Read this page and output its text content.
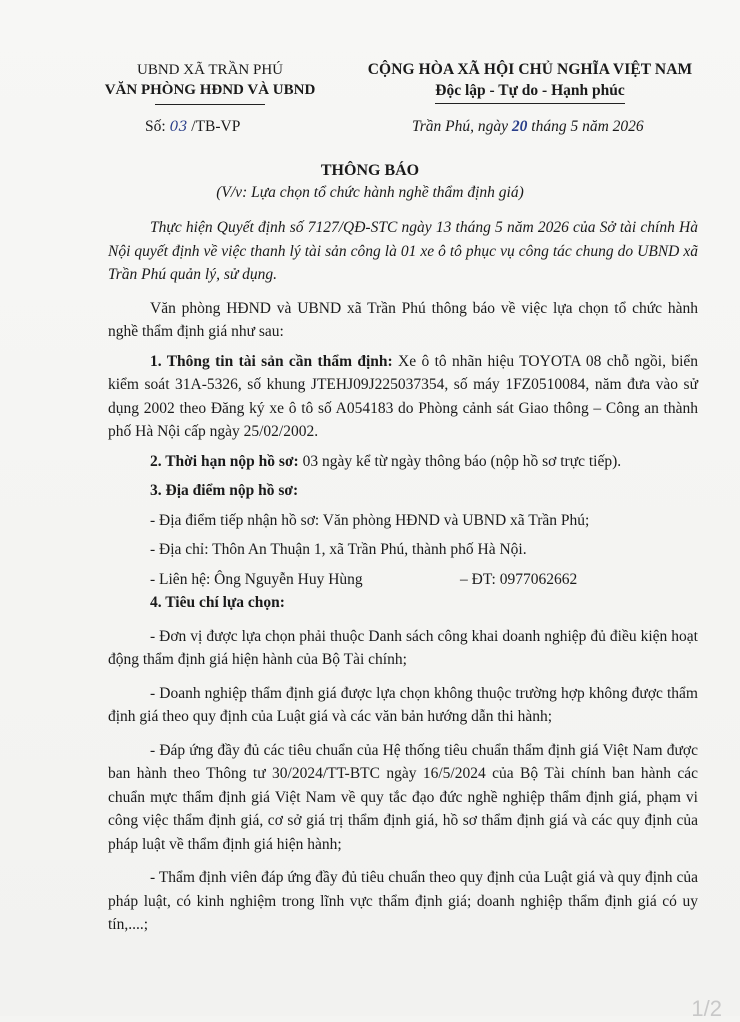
UBND XÃ TRẦN PHÚ
VĂN PHÒNG HĐND VÀ UBND
CỘNG HÒA XÃ HỘI CHỦ NGHĨA VIỆT NAM
Độc lập - Tự do - Hạnh phúc
Số: 03 /TB-VP	Trần Phú, ngày 20 tháng 5 năm 2026
THÔNG BÁO
(V/v: Lựa chọn tổ chức hành nghề thẩm định giá)

Thực hiện Quyết định số 7127/QĐ-STC ngày 13 tháng 5 năm 2026 của Sở tài chính Hà Nội quyết định về việc thanh lý tài sản công là 01 xe ô tô phục vụ công tác chung do UBND xã Trần Phú quản lý, sử dụng.

Văn phòng HĐND và UBND xã Trần Phú thông báo về việc lựa chọn tổ chức hành nghề thẩm định giá như sau:

1. Thông tin tài sản cần thẩm định: Xe ô tô nhãn hiệu TOYOTA 08 chỗ ngồi, biển kiểm soát 31A-5326, số khung JTEHJ09J225037354, số máy 1FZ0510084, năm đưa vào sử dụng 2002 theo Đăng ký xe ô tô số A054183 do Phòng cảnh sát Giao thông – Công an thành phố Hà Nội cấp ngày 25/02/2002.

2. Thời hạn nộp hồ sơ: 03 ngày kể từ ngày thông báo (nộp hồ sơ trực tiếp).

3. Địa điểm nộp hồ sơ:

- Địa điểm tiếp nhận hồ sơ: Văn phòng HĐND và UBND xã Trần Phú;

- Địa chỉ: Thôn An Thuận 1, xã Trần Phú, thành phố Hà Nội.

- Liên hệ: Ông Nguyễn Huy Hùng	– ĐT: 0977062662

4. Tiêu chí lựa chọn:

- Đơn vị được lựa chọn phải thuộc Danh sách công khai doanh nghiệp đủ điều kiện hoạt động thẩm định giá hiện hành của Bộ Tài chính;

- Doanh nghiệp thẩm định giá được lựa chọn không thuộc trường hợp không được thẩm định giá theo quy định của Luật giá và các văn bản hướng dẫn thi hành;

- Đáp ứng đầy đủ các tiêu chuẩn của Hệ thống tiêu chuẩn thẩm định giá Việt Nam được ban hành theo Thông tư 30/2024/TT-BTC ngày 16/5/2024 của Bộ Tài chính ban hành các chuẩn mực thẩm định giá Việt Nam về quy tắc đạo đức nghề nghiệp thẩm định giá, phạm vi công việc thẩm định giá, cơ sở giá trị thẩm định giá, hồ sơ thẩm định giá và các quy định của pháp luật về thẩm định giá hiện hành;

- Thẩm định viên đáp ứng đầy đủ tiêu chuẩn theo quy định của Luật giá và quy định của pháp luật, có kinh nghiệm trong lĩnh vực thẩm định giá; doanh nghiệp thẩm định giá có uy tín,....;

1/2
